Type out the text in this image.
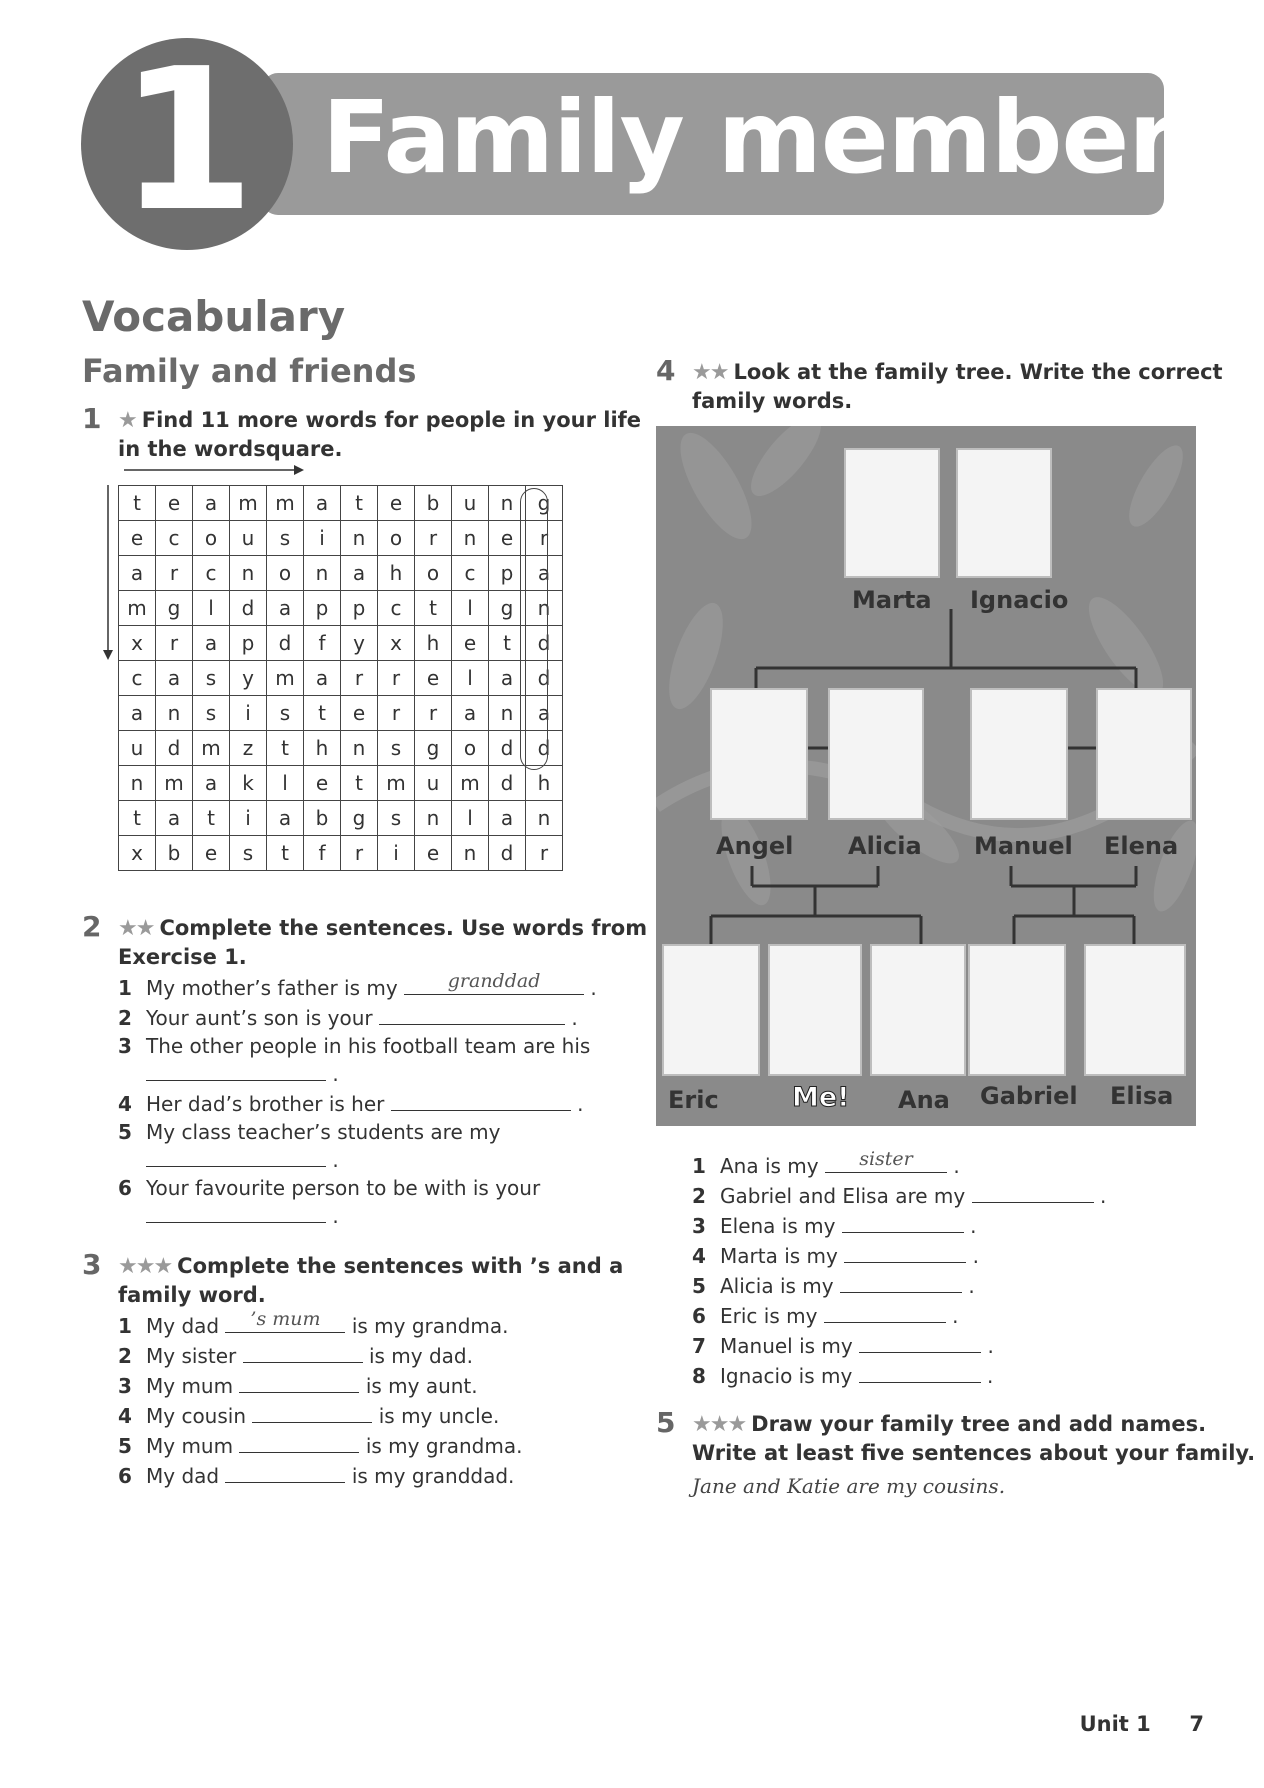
1 Family members
Vocabulary
Family and friends
1 ★ Find 11 more words for people in your life
in the wordsquare.
t	e	a	m	m	a	t	e	b	u	n	g
e	c	o	u	s	i	n	o	r	n	e	r
a	r	c	n	o	n	a	h	o	c	p	a
m	g	l	d	a	p	p	c	t	l	g	n
x	r	a	p	d	f	y	x	h	e	t	d
c	a	s	y	m	a	r	r	e	l	a	d
a	n	s	i	s	t	e	r	r	a	n	a
u	d	m	z	t	h	n	s	g	o	d	d
n	m	a	k	l	e	t	m	u	m	d	h
t	a	t	i	a	b	g	s	n	l	a	n
x	b	e	s	t	f	r	i	e	n	d	r
2 ★★ Complete the sentences. Use words from
Exercise 1.
1 My mother’s father is my	granddad	.
2 Your aunt’s son is your	.
3 The other people in his football team are his
.
4 Her dad’s brother is her	.
5 My class teacher’s students are my
.
6 Your favourite person to be with is your
.
3 ★★★ Complete the sentences with ’s and a
family word.
1 My dad	’s mum	is my grandma.
2 My sister	is my dad.
3 My mum	is my aunt.
4 My cousin	is my uncle.
5 My mum	is my grandma.
6 My dad	is my granddad.
4 ★★ Look at the family tree. Write the correct
family words.
Marta Ignacio
Angel Alicia Manuel Elena
Eric	Me! Ana Gabriel Elisa
1 Ana is my	sister	.
2 Gabriel and Elisa are my	.
3 Elena is my	.
4 Marta is my	.
5 Alicia is my	.
6 Eric is my	.
7 Manuel is my	.
8 Ignacio is my	.
5 ★★★ Draw your family tree and add names.
Write at least five sentences about your family.
Jane and Katie are my cousins.
Unit 1 7
